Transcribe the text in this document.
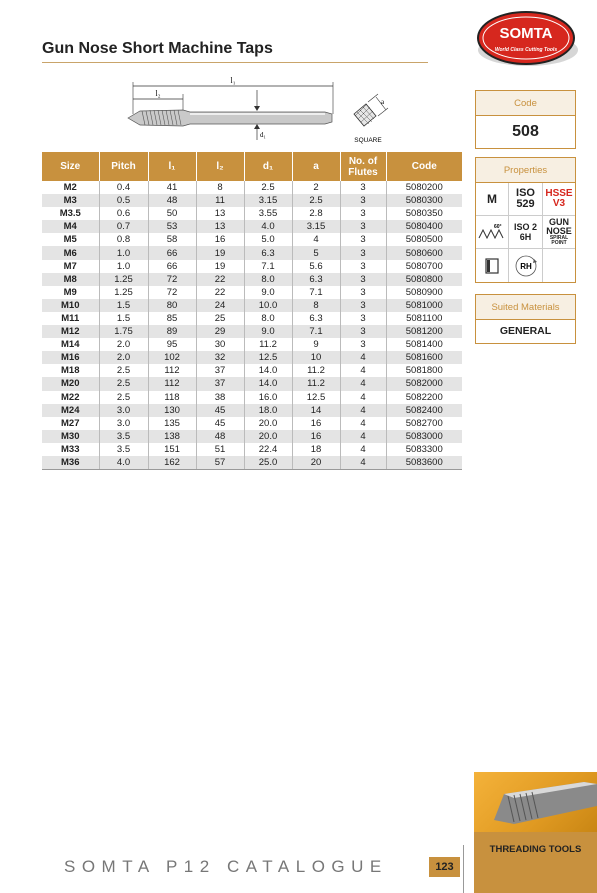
Gun Nose Short Machine Taps
SOMTA
World Class Cutting Tools
l₁
l₂
d₁
a
SQUARE
Size	Pitch	l₁	l₂	d₁	a	No. of Flutes	Code
M2	0.4	41	8	2.5	2	3	5080200
M3	0.5	48	11	3.15	2.5	3	5080300
M3.5	0.6	50	13	3.55	2.8	3	5080350
M4	0.7	53	13	4.0	3.15	3	5080400
M5	0.8	58	16	5.0	4	3	5080500
M6	1.0	66	19	6.3	5	3	5080600
M7	1.0	66	19	7.1	5.6	3	5080700
M8	1.25	72	22	8.0	6.3	3	5080800
M9	1.25	72	22	9.0	7.1	3	5080900
M10	1.5	80	24	10.0	8	3	5081000
M11	1.5	85	25	8.0	6.3	3	5081100
M12	1.75	89	29	9.0	7.1	3	5081200
M14	2.0	95	30	11.2	9	3	5081400
M16	2.0	102	32	12.5	10	4	5081600
M18	2.5	112	37	14.0	11.2	4	5081800
M20	2.5	112	37	14.0	11.2	4	5082000
M22	2.5	118	38	16.0	12.5	4	5082200
M24	3.0	130	45	18.0	14	4	5082400
M27	3.0	135	45	20.0	16	4	5082700
M30	3.5	138	48	20.0	16	4	5083000
M33	3.5	151	51	22.4	18	4	5083300
M36	4.0	162	57	25.0	20	4	5083600
Code
508
Properties
M	ISO 529
HSSE V3
60°	ISO 2 6H
GUN NOSE
SPIRAL POINT
RH
Suited Materials
GENERAL
SOMTA P12 CATALOGUE	123
THREADING TOOLS
